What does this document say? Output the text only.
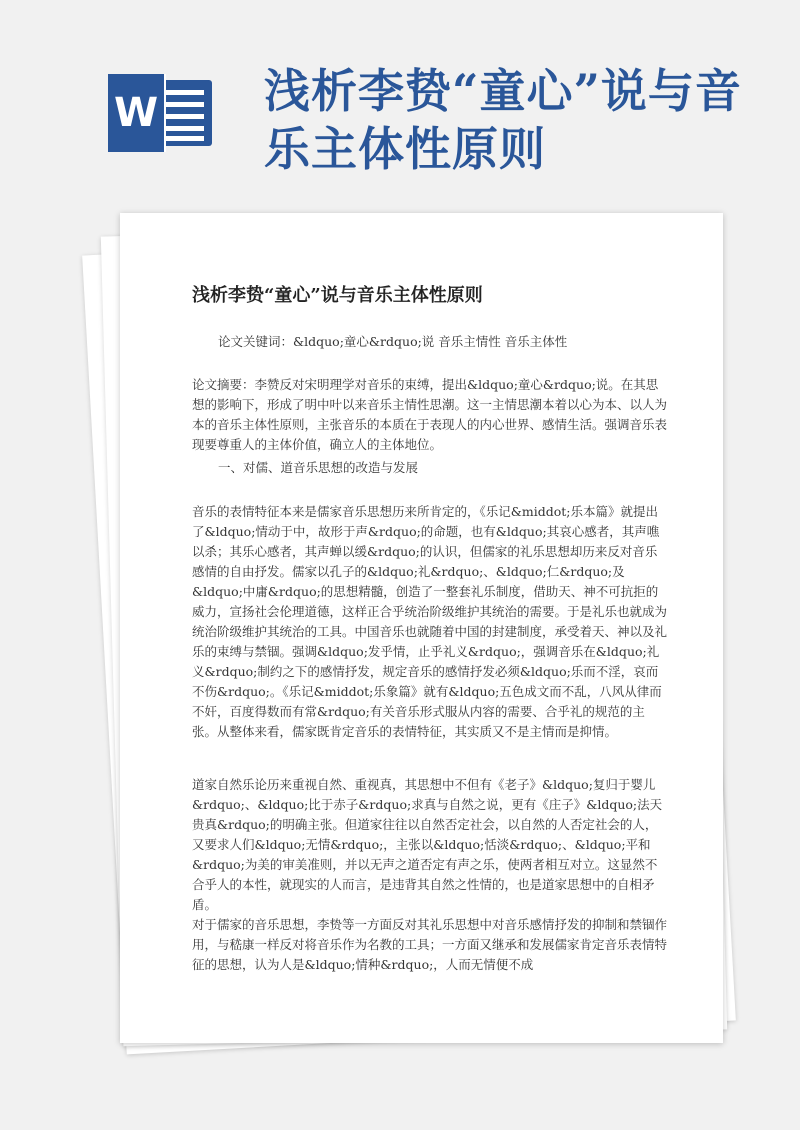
W 浅析李贽“童心”说与音乐主体性原则
浅析李贽“童心”说与音乐主体性原则

论文关键词：&ldquo;童心&rdquo;说 音乐主情性 音乐主体性

论文摘要：李赞反对宋明理学对音乐的束缚，提出&ldquo;童心&rdquo;说。在其思想的影响下，形成了明中叶以来音乐主情性思潮。这一主情思潮本着以心为本、以人为本的音乐主体性原则，主张音乐的本质在于表现人的内心世界、感情生活。强调音乐表现要尊重人的主体价值，确立人的主体地位。

一、对儒、道音乐思想的改造与发展

音乐的表情特征本来是儒家音乐思想历来所肯定的，《乐记&middot;乐本篇》就提出了&ldquo;情动于中，故形于声&rdquo;的命题，也有&ldquo;其哀心感者，其声噍以杀；其乐心感者，其声蝉以缓&rdquo;的认识，但儒家的礼乐思想却历来反对音乐感情的自由抒发。儒家以孔子的&ldquo;礼&rdquo;、&ldquo;仁&rdquo;及&ldquo;中庸&rdquo;的思想精髓，创造了一整套礼乐制度，借助天、神不可抗拒的威力，宣扬社会伦理道德，这样正合乎统治阶级维护其统治的需要。于是礼乐也就成为统治阶级维护其统治的工具。中国音乐也就随着中国的封建制度，承受着天、神以及礼乐的束缚与禁锢。强调&ldquo;发乎情，止乎礼义&rdquo;，强调音乐在&ldquo;礼义&rdquo;制约之下的感情抒发，规定音乐的感情抒发必须&ldquo;乐而不淫，哀而不伤&rdquo;。《乐记&middot;乐象篇》就有&ldquo;五色成文而不乱，八风从律而不奸，百度得数而有常&rdquo;有关音乐形式服从内容的需要、合乎礼的规范的主张。从整体来看，儒家既肯定音乐的表情特征，其实质又不是主情而是抑情。

道家自然乐论历来重视自然、重视真，其思想中不但有《老子》&ldquo;复归于婴儿&rdquo;、&ldquo;比于赤子&rdquo;求真与自然之说，更有《庄子》&ldquo;法天贵真&rdquo;的明确主张。但道家往往以自然否定社会，以自然的人否定社会的人，又要求人们&ldquo;无情&rdquo;，主张以&ldquo;恬淡&rdquo;、&ldquo;平和&rdquo;为美的审美准则，并以无声之道否定有声之乐，使两者相互对立。这显然不合乎人的本性，就现实的人而言，是违背其自然之性情的，也是道家思想中的自相矛盾。

对于儒家的音乐思想，李贽等一方面反对其礼乐思想中对音乐感情抒发的抑制和禁锢作用，与嵇康一样反对将音乐作为名教的工具；一方面又继承和发展儒家肯定音乐表情特征的思想，认为人是&ldquo;情种&rdquo;，人而无情便不成
